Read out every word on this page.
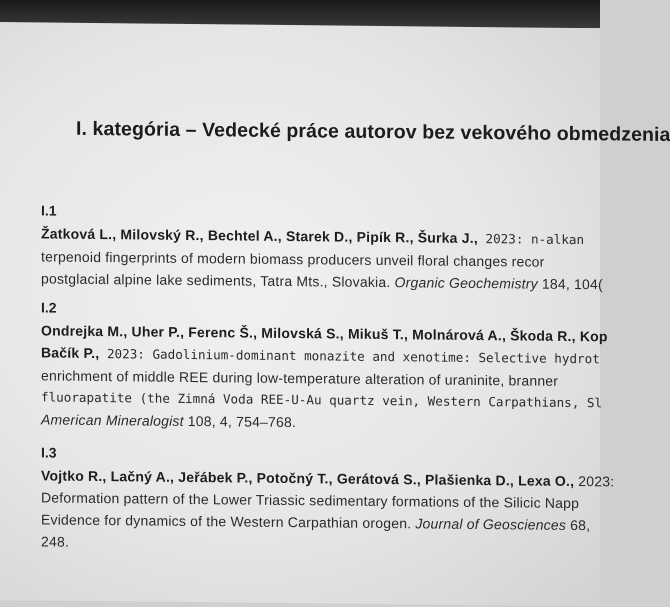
I. kategória – Vedecké práce autorov bez vekového obmedzenia
I.1
Žatková L., Milovský R., Bechtel A., Starek D., Pipík R., Šurka J., 2023: n-alkan
terpenoid fingerprints of modern biomass producers unveil floral changes recor
postglacial alpine lake sediments, Tatra Mts., Slovakia. Organic Geochemistry 184, 104(
I.2
Ondrejka M., Uher P., Ferenc Š., Milovská S., Mikuš T., Molnárová A., Škoda R., Kop
Bačík P., 2023: Gadolinium-dominant monazite and xenotime: Selective hydrot
enrichment of middle REE during low-temperature alteration of uraninite, branner
fluorapatite (the Zimná Voda REE-U-Au quartz vein, Western Carpathians, Sl
American Mineralogist 108, 4, 754–768.
I.3
Vojtko R., Lačný A., Jeřábek P., Potočný T., Gerátová S., Plašienka D., Lexa O., 2023:
Deformation pattern of the Lower Triassic sedimentary formations of the Silicic Napp
Evidence for dynamics of the Western Carpathian orogen. Journal of Geosciences 68,
248.
